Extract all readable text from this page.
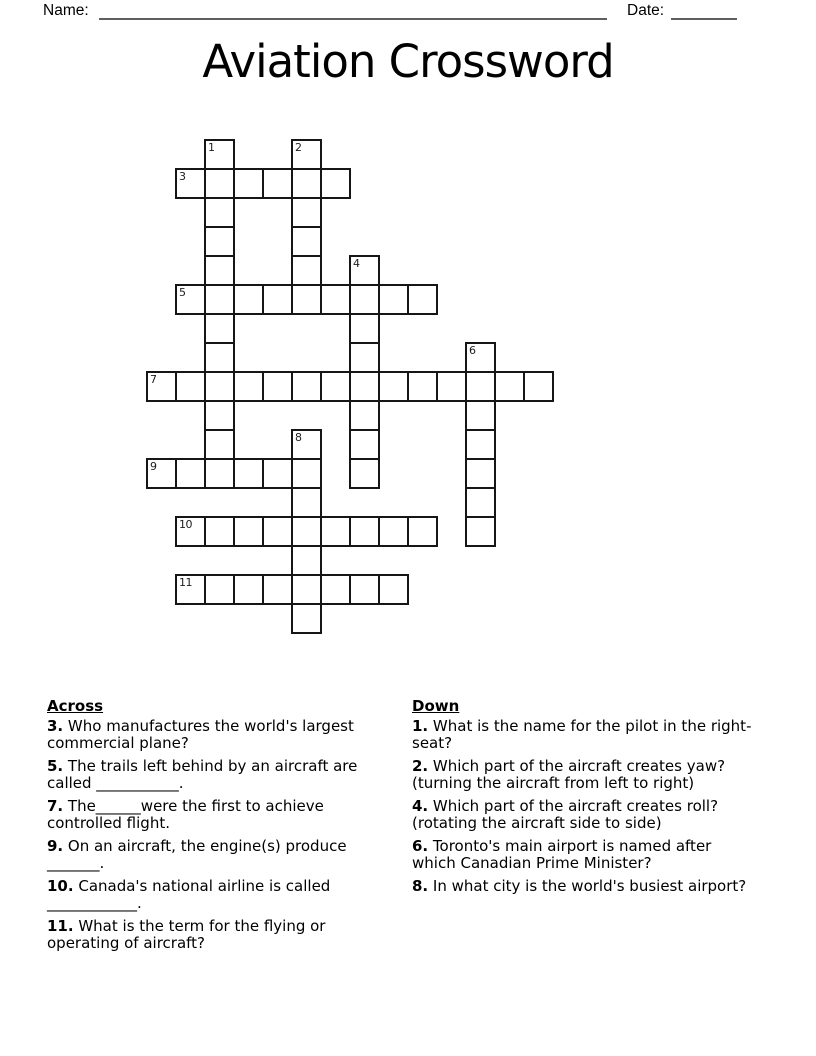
Name:	Date:
Aviation Crossword
1	2
3
4
5
6
7
8
9
10
11
Across
3. Who manufactures the world's largest commercial plane?
5. The trails left behind by an aircraft are called ___________.
7. The______were the first to achieve controlled flight.
9. On an aircraft, the engine(s) produce _______.
10. Canada's national airline is called ____________.
11. What is the term for the flying or operating of aircraft?
Down
1. What is the name for the pilot in the right-seat?
2. Which part of the aircraft creates yaw? (turning the aircraft from left to right)
4. Which part of the aircraft creates roll? (rotating the aircraft side to side)
6. Toronto's main airport is named after which Canadian Prime Minister?
8. In what city is the world's busiest airport?
